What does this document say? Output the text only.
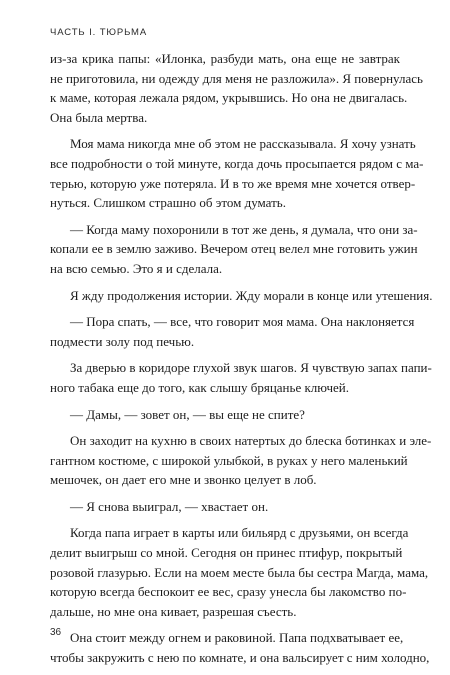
ЧАСТЬ I. ТЮРЬМА
из-за крика папы: «Илонка, разбуди мать, она еще не завтрак
не приготовила, ни одежду для меня не разложила». Я повернулась
к маме, которая лежала рядом, укрывшись. Но она не двигалась.
Она была мертва.
Моя мама никогда мне об этом не рассказывала. Я хочу узнать
все подробности о той минуте, когда дочь просыпается рядом с ма-
терью, которую уже потеряла. И в то же время мне хочется отвер-
нуться. Слишком страшно об этом думать.
— Когда маму похоронили в тот же день, я думала, что они за-
копали ее в землю заживо. Вечером отец велел мне готовить ужин
на всю семью. Это я и сделала.
Я жду продолжения истории. Жду морали в конце или утешения.
— Пора спать, — все, что говорит моя мама. Она наклоняется
подмести золу под печью.
За дверью в коридоре глухой звук шагов. Я чувствую запах папи-
ного табака еще до того, как слышу бряцанье ключей.
— Дамы, — зовет он, — вы еще не спите?
Он заходит на кухню в своих натертых до блеска ботинках и эле-
гантном костюме, с широкой улыбкой, в руках у него маленький
мешочек, он дает его мне и звонко целует в лоб.
— Я снова выиграл, — хвастает он.
Когда папа играет в карты или бильярд с друзьями, он всегда
делит выигрыш со мной. Сегодня он принес птифур, покрытый
розовой глазурью. Если на моем месте была бы сестра Магда, мама,
которую всегда беспокоит ее вес, сразу унесла бы лакомство по-
дальше, но мне она кивает, разрешая съесть.
Она стоит между огнем и раковиной. Папа подхватывает ее,
чтобы закружить с нею по комнате, и она вальсирует с ним холодно,
36
